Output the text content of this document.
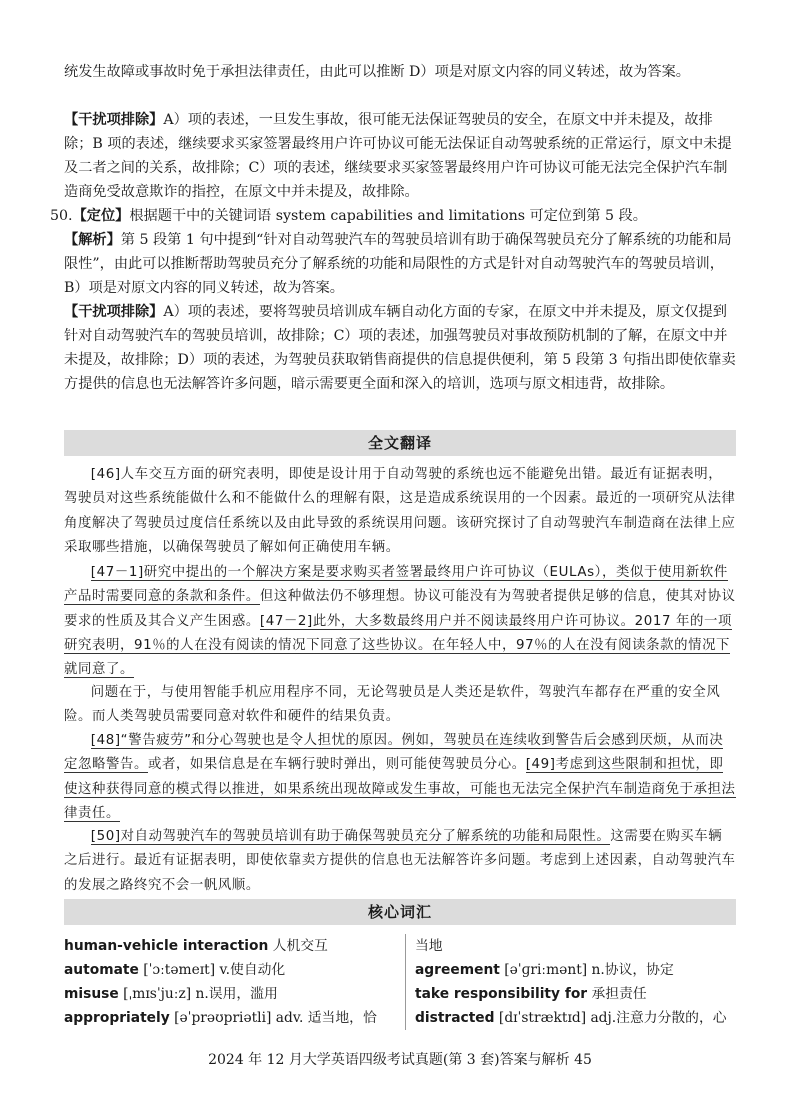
统发生故障或事故时免于承担法律责任，由此可以推断 D）项是对原文内容的同义转述，故为答案。
【干扰项排除】A）项的表述，一旦发生事故，很可能无法保证驾驶员的安全，在原文中并未提及，故排除；B 项的表述，继续要求买家签署最终用户许可协议可能无法保证自动驾驶系统的正常运行，原文中未提及二者之间的关系，故排除；C）项的表述，继续要求买家签署最终用户许可协议可能无法完全保护汽车制造商免受故意欺诈的指控，在原文中并未提及，故排除。
50.【定位】根据题干中的关键词语 system capabilities and limitations 可定位到第 5 段。
【解析】第 5 段第 1 句中提到“针对自动驾驶汽车的驾驶员培训有助于确保驾驶员充分了解系统的功能和局限性”，由此可以推断帮助驾驶员充分了解系统的功能和局限性的方式是针对自动驾驶汽车的驾驶员培训，B）项是对原文内容的同义转述，故为答案。
【干扰项排除】A）项的表述，要将驾驶员培训成车辆自动化方面的专家，在原文中并未提及，原文仅提到针对自动驾驶汽车的驾驶员培训，故排除；C）项的表述，加强驾驶员对事故预防机制的了解，在原文中并未提及，故排除；D）项的表述，为驾驶员获取销售商提供的信息提供便利，第 5 段第 3 句指出即使依靠卖方提供的信息也无法解答许多问题，暗示需要更全面和深入的培训，选项与原文相违背，故排除。
全文翻译
[46]人车交互方面的研究表明，即使是设计用于自动驾驶的系统也远不能避免出错。最近有证据表明，驾驶员对这些系统能做什么和不能做什么的理解有限，这是造成系统误用的一个因素。最近的一项研究从法律角度解决了驾驶员过度信任系统以及由此导致的系统误用问题。该研究探讨了自动驾驶汽车制造商在法律上应采取哪些措施，以确保驾驶员了解如何正确使用车辆。
[47－1]研究中提出的一个解决方案是要求购买者签署最终用户许可协议（EULAs），类似于使用新软件产品时需要同意的条款和条件。但这种做法仍不够理想。协议可能没有为驾驶者提供足够的信息，使其对协议要求的性质及其合义产生困惑。[47－2]此外，大多数最终用户并不阅读最终用户许可协议。2017 年的一项研究表明，91％的人在没有阅读的情况下同意了这些协议。在年轻人中，97％的人在没有阅读条款的情况下就同意了。
问题在于，与使用智能手机应用程序不同，无论驾驶员是人类还是软件，驾驶汽车都存在严重的安全风险。而人类驾驶员需要同意对软件和硬件的结果负责。
[48]“警告疲劳”和分心驾驶也是令人担忧的原因。例如，驾驶员在连续收到警告后会感到厌烦，从而决定忽略警告。或者，如果信息是在车辆行驶时弹出，则可能使驾驶员分心。[49]考虑到这些限制和担忧，即使这种获得同意的模式得以推进，如果系统出现故障或发生事故，可能也无法完全保护汽车制造商免于承担法律责任。
[50]对自动驾驶汽车的驾驶员培训有助于确保驾驶员充分了解系统的功能和局限性。这需要在购买车辆之后进行。最近有证据表明，即使依靠卖方提供的信息也无法解答许多问题。考虑到上述因素，自动驾驶汽车的发展之路终究不会一帆风顺。
核心词汇
human-vehicle interaction 人机交互
automate [ˈɔːtəmeɪt] v.使自动化
misuse [ˌmɪsˈjuːz] n.误用，滥用
appropriately [əˈprəʊpriətli] adv. 适当地，恰
当地
agreement [əˈɡriːmənt] n.协议，协定
take responsibility for 承担责任
distracted [dɪˈstræktɪd] adj.注意力分散的，心
2024 年 12 月大学英语四级考试真题(第 3 套)答案与解析 45
